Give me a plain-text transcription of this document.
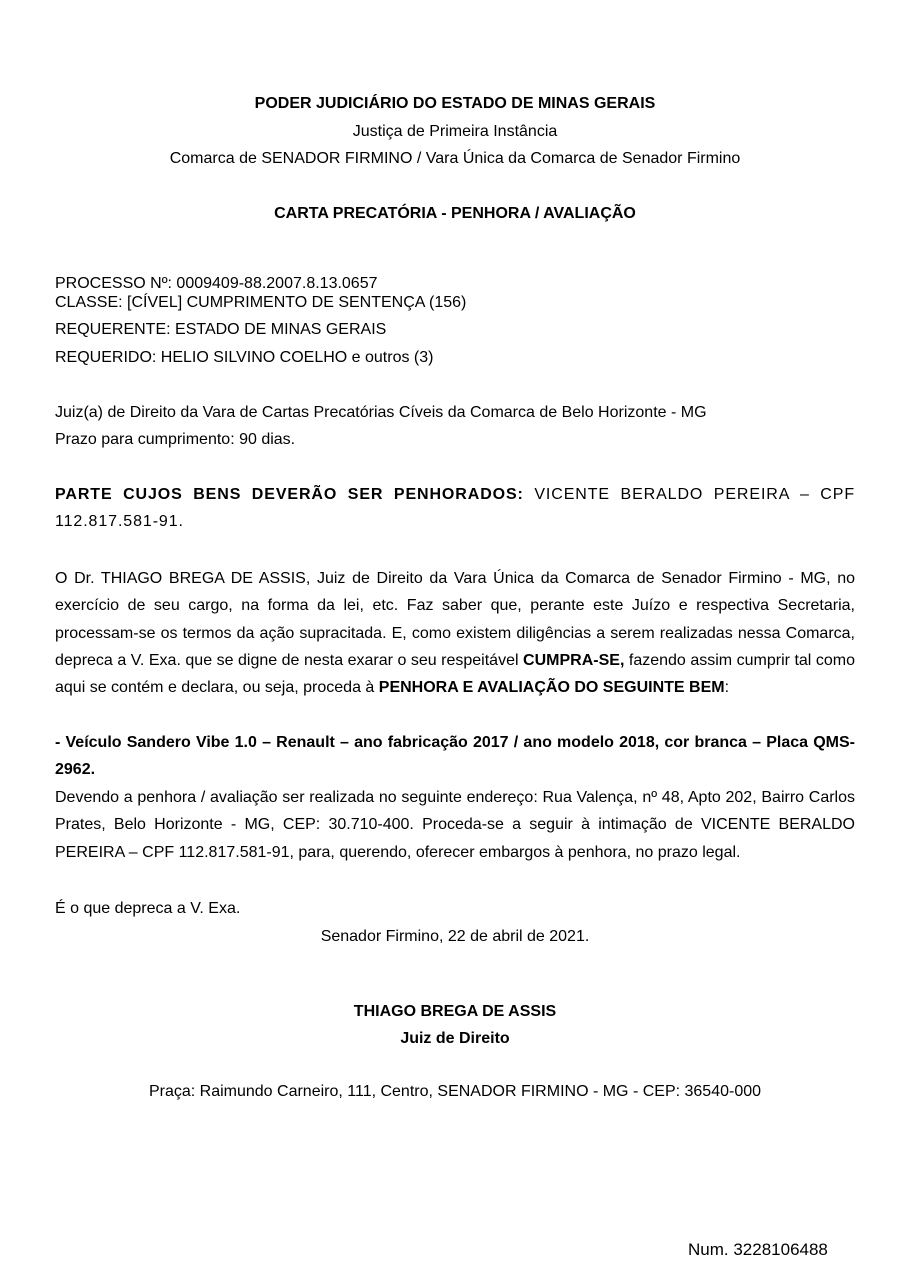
PODER JUDICIÁRIO DO ESTADO DE MINAS GERAIS
Justiça de Primeira Instância
Comarca de SENADOR FIRMINO / Vara Única da Comarca de Senador Firmino
CARTA PRECATÓRIA - PENHORA / AVALIAÇÃO
PROCESSO Nº: 0009409-88.2007.8.13.0657
CLASSE: [CÍVEL] CUMPRIMENTO DE SENTENÇA (156)
REQUERENTE: ESTADO DE MINAS GERAIS
REQUERIDO: HELIO SILVINO COELHO e outros (3)
Juiz(a) de Direito da Vara de Cartas Precatórias Cíveis da Comarca de Belo Horizonte - MG
Prazo para cumprimento: 90 dias.
PARTE CUJOS BENS DEVERÃO SER PENHORADOS: VICENTE BERALDO PEREIRA – CPF 112.817.581-91.
O Dr. THIAGO BREGA DE ASSIS, Juiz de Direito da Vara Única da Comarca de Senador Firmino - MG, no exercício de seu cargo, na forma da lei, etc. Faz saber que, perante este Juízo e respectiva Secretaria, processam-se os termos da ação supracitada. E, como existem diligências a serem realizadas nessa Comarca, depreca a V. Exa. que se digne de nesta exarar o seu respeitável CUMPRA-SE, fazendo assim cumprir tal como aqui se contém e declara, ou seja, proceda à PENHORA E AVALIAÇÃO DO SEGUINTE BEM:
- Veículo Sandero Vibe 1.0 – Renault – ano fabricação 2017 / ano modelo 2018, cor branca – Placa QMS-2962.
Devendo a penhora / avaliação ser realizada no seguinte endereço: Rua Valença, nº 48, Apto 202, Bairro Carlos Prates, Belo Horizonte - MG, CEP: 30.710-400. Proceda-se a seguir à intimação de VICENTE BERALDO PEREIRA – CPF 112.817.581-91, para, querendo, oferecer embargos à penhora, no prazo legal.
É o que depreca a V. Exa.
Senador Firmino, 22 de abril de 2021.
THIAGO BREGA DE ASSIS
Juiz de Direito
Praça: Raimundo Carneiro, 111, Centro, SENADOR FIRMINO - MG - CEP: 36540-000
Num. 3228106488
